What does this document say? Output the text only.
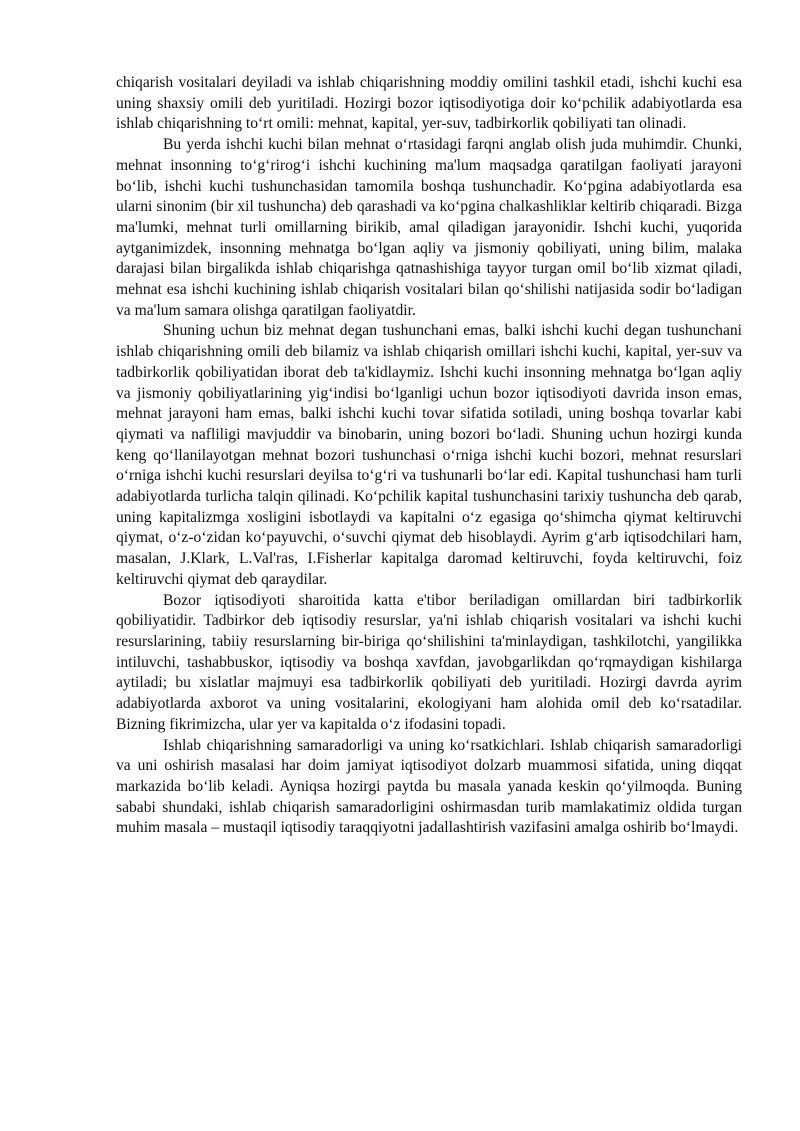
chiqarish vositalari deyiladi va ishlab chiqarishning moddiy omilini tashkil etadi, ishchi kuchi esa uning shaxsiy omili deb yuritiladi. Hozirgi bozor iqtisodiyotiga doir ko‘pchilik adabiyotlarda esa ishlab chiqarishning to‘rt omili: mehnat, kapital, yer-suv, tadbirkorlik qobiliyati tan olinadi.

Bu yerda ishchi kuchi bilan mehnat o‘rtasidagi farqni anglab olish juda muhimdir. Chunki, mehnat insonning to‘g‘rirog‘i ishchi kuchining ma'lum maqsadga qaratilgan faoliyati jarayoni bo‘lib, ishchi kuchi tushunchasidan tamomila boshqa tushunchadir. Ko‘pgina adabiyotlarda esa ularni sinonim (bir xil tushuncha) deb qarashadi va ko‘pgina chalkashliklar keltirib chiqaradi. Bizga ma'lumki, mehnat turli omillarning birikib, amal qiladigan jarayonidir. Ishchi kuchi, yuqorida aytganimizdek, insonning mehnatga bo‘lgan aqliy va jismoniy qobiliyati, uning bilim, malaka darajasi bilan birgalikda ishlab chiqarishga qatnashishiga tayyor turgan omil bo‘lib xizmat qiladi, mehnat esa ishchi kuchining ishlab chiqarish vositalari bilan qo‘shilishi natijasida sodir bo‘ladigan va ma'lum samara olishga qaratilgan faoliyatdir.

Shuning uchun biz mehnat degan tushunchani emas, balki ishchi kuchi degan tushunchani ishlab chiqarishning omili deb bilamiz va ishlab chiqarish omillari ishchi kuchi, kapital, yer-suv va tadbirkorlik qobiliyatidan iborat deb ta'kidlaymiz. Ishchi kuchi insonning mehnatga bo‘lgan aqliy va jismoniy qobiliyatlarining yig‘indisi bo‘lganligi uchun bozor iqtisodiyoti davrida inson emas, mehnat jarayoni ham emas, balki ishchi kuchi tovar sifatida sotiladi, uning boshqa tovarlar kabi qiymati va nafliligi mavjuddir va binobarin, uning bozori bo‘ladi. Shuning uchun hozirgi kunda keng qo‘llanilayotgan mehnat bozori tushunchasi o‘rniga ishchi kuchi bozori, mehnat resurslari o‘rniga ishchi kuchi resurslari deyilsa to‘g‘ri va tushunarli bo‘lar edi. Kapital tushunchasi ham turli adabiyotlarda turlicha talqin qilinadi. Ko‘pchilik kapital tushunchasini tarixiy tushuncha deb qarab, uning kapitalizmga xosligini isbotlaydi va kapitalni o‘z egasiga qo‘shimcha qiymat keltiruvchi qiymat, o‘z-o‘zidan ko‘payuvchi, o‘suvchi qiymat deb hisoblaydi. Ayrim g‘arb iqtisodchilari ham, masalan, J.Klark, L.Val'ras, I.Fisherlar kapitalga daromad keltiruvchi, foyda keltiruvchi, foiz keltiruvchi qiymat deb qaraydilar.

Bozor iqtisodiyoti sharoitida katta e'tibor beriladigan omillardan biri tadbirkorlik qobiliyatidir. Tadbirkor deb iqtisodiy resurslar, ya'ni ishlab chiqarish vositalari va ishchi kuchi resurslarining, tabiiy resurslarning bir-biriga qo‘shilishini ta'minlaydigan, tashkilotchi, yangilikka intiluvchi, tashabbuskor, iqtisodiy va boshqa xavfdan, javobgarlikdan qo‘rqmaydigan kishilarga aytiladi; bu xislatlar majmuyi esa tadbirkorlik qobiliyati deb yuritiladi. Hozirgi davrda ayrim adabiyotlarda axborot va uning vositalarini, ekologiyani ham alohida omil deb ko‘rsatadilar. Bizning fikrimizcha, ular yer va kapitalda o‘z ifodasini topadi.

Ishlab chiqarishning samaradorligi va uning ko‘rsatkichlari. Ishlab chiqarish samaradorligi va uni oshirish masalasi har doim jamiyat iqtisodiyot dolzarb muammosi sifatida, uning diqqat markazida bo‘lib keladi. Ayniqsa hozirgi paytda bu masala yanada keskin qo‘yilmoqda. Buning sababi shundaki, ishlab chiqarish samaradorligini oshirmasdan turib mamlakatimiz oldida turgan muhim masala – mustaqil iqtisodiy taraqqiyotni jadallashtirish vazifasini amalga oshirib bo‘lmaydi.
